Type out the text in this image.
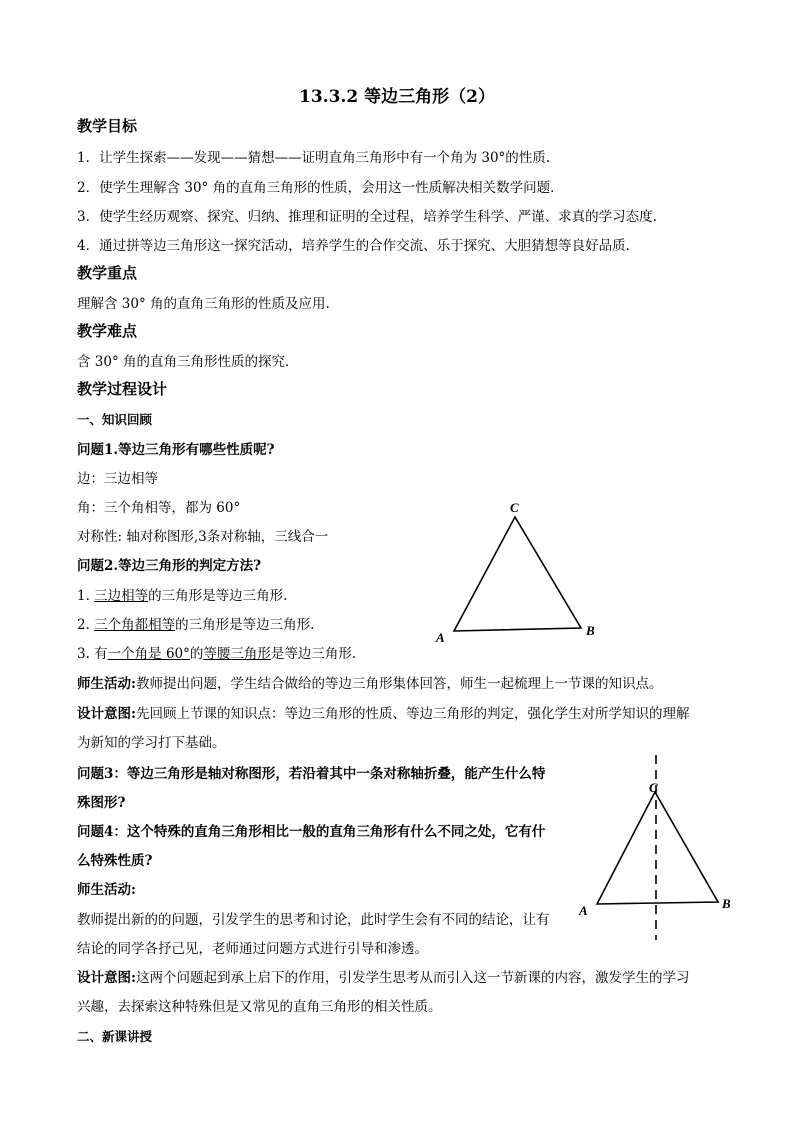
13.3.2 等边三角形（2）
教学目标
1．让学生探索——发现——猜想——证明直角三角形中有一个角为 30°的性质.
2．使学生理解含 30° 角的直角三角形的性质，会用这一性质解决相关数学问题．
3．使学生经历观察、探究、归纳、推理和证明的全过程，培养学生科学、严谨、求真的学习态度.
4．通过拼等边三角形这一探究活动，培养学生的合作交流、乐于探究、大胆猜想等良好品质．
教学重点
理解含 30° 角的直角三角形的性质及应用.
教学难点
含 30° 角的直角三角形性质的探究．
教学过程设计
一、知识回顾
问题1.等边三角形有哪些性质呢?
边：三边相等
角：三个角相等，都为 60°
对称性: 轴对称图形,3条对称轴，三线合一
问题2.等边三角形的判定方法?
1. 三边相等的三角形是等边三角形.
2. 三个角都相等的三角形是等边三角形.
3. 有一个角是 60°的等腰三角形是等边三角形.
师生活动:教师提出问题，学生结合做给的等边三角形集体回答，师生一起梳理上一节课的知识点。
设计意图:先回顾上节课的知识点：等边三角形的性质、等边三角形的判定，强化学生对所学知识的理解
为新知的学习打下基础。
问题3：等边三角形是轴对称图形，若沿着其中一条对称轴折叠，能产生什么特
殊图形?
问题4：这个特殊的直角三角形相比一般的直角三角形有什么不同之处，它有什
么特殊性质?
师生活动:
教师提出新的的问题，引发学生的思考和讨论，此时学生会有不同的结论，让有
结论的同学各抒己见，老师通过问题方式进行引导和渗透。
设计意图:这两个问题起到承上启下的作用，引发学生思考从而引入这一节新课的内容，激发学生的学习
兴趣，去探索这种特殊但是又常见的直角三角形的相关性质。
二、新课讲授
C
A	B
C
A	B
